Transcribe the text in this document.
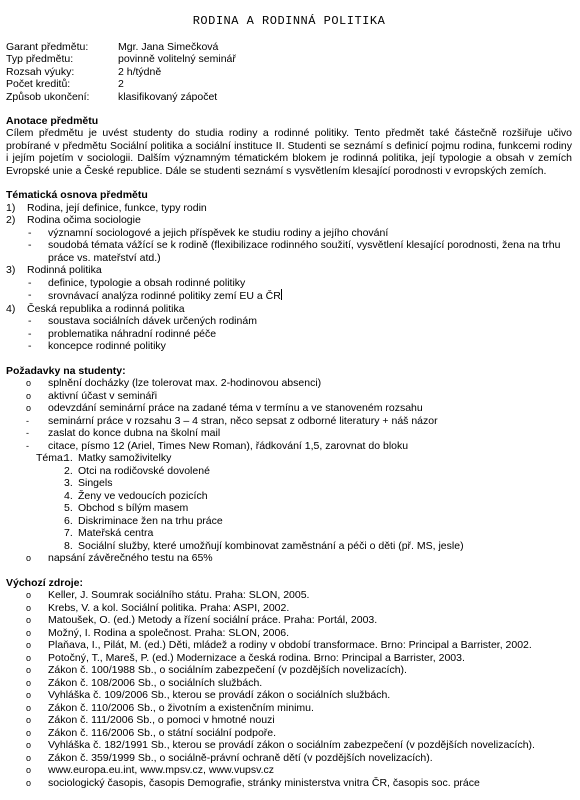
RODINA A RODINNÁ POLITIKA
Garant předmětu:	Mgr. Jana Simečková
Typ předmětu:	povinně volitelný seminář
Rozsah výuky:	2 h/týdně
Počet kreditů:	2
Způsob ukončení:	klasifikovaný zápočet
Anotace předmětu
Cílem předmětu je uvést studenty do studia rodiny a rodinné politiky. Tento předmět také částečně rozšiřuje učivo probírané v předmětu Sociální politika a sociální instituce II. Studenti se seznámí s definicí pojmu rodina, funkcemi rodiny i jejím pojetím v sociologii. Dalším významným tématickém blokem je rodinná politika, její typologie a obsah v zemích Evropské unie a České republice. Dále se studenti seznámí s vysvětlením klesající porodnosti v evropských zemích.
Tématická osnova předmětu
1)	Rodina, její definice, funkce, typy rodin
2)	Rodina očima sociologie
-	významní sociologové a jejich příspěvek ke studiu rodiny a jejího chování
-	soudobá témata vážící se k rodině (flexibilizace rodinného soužití, vysvětlení klesající porodnosti, žena na trhu práce vs. mateřství atd.)
3)	Rodinná politika
-	definice, typologie a obsah rodinné politiky
-	srovnávací analýza rodinné politiky zemí EU a ČR
4)	Česká republika a rodinná politika
-	soustava sociálních dávek určených rodinám
-	problematika náhradní rodinné péče
-	koncepce rodinné politiky
Požadavky na studenty:
o	splnění docházky (lze tolerovat max. 2-hodinovou absenci)
o	aktivní účast v semináři
o	odevzdání seminární práce na zadané téma v termínu a ve stanoveném rozsahu
-	seminární práce v rozsahu 3 – 4 stran, něco sepsat z odborné literatury + náš názor
-	zaslat do konce dubna na školní mail
-	citace, písmo 12 (Ariel, Times New Roman), řádkování 1,5, zarovnat do bloku
Téma:
1. Matky samoživitelky
2. Otci na rodičovské dovolené
3. Singels
4. Ženy ve vedoucích pozicích
5. Obchod s bílým masem
6. Diskriminace žen na trhu práce
7. Mateřská centra
8. Sociální služby, které umožňují kombinovat zaměstnání a péči o děti (př. MS, jesle)
o	napsání závěrečného testu na 65%
Výchozí zdroje:
o	Keller, J. Soumrak sociálního státu. Praha: SLON, 2005.
o	Krebs, V. a kol. Sociální politika. Praha: ASPI, 2002.
o	Matoušek, O. (ed.) Metody a řízení sociální práce. Praha: Portál, 2003.
o	Možný, I. Rodina a společnost. Praha: SLON, 2006.
o	Plaňava, I., Pilát, M. (ed.) Děti, mládež a rodiny v období transformace. Brno: Principal a Barrister, 2002.
o	Potočný, T., Mareš, P. (ed.) Modernizace a česká rodina. Brno: Principal a Barrister, 2003.
o	Zákon č. 100/1988 Sb., o sociálním zabezpečení (v pozdějších novelizacích).
o	Zákon č. 108/2006 Sb., o sociálních službách.
o	Vyhláška č. 109/2006 Sb., kterou se provádí zákon o sociálních službách.
o	Zákon č. 110/2006 Sb., o životním a existenčním minimu.
o	Zákon č. 111/2006 Sb., o pomoci v hmotné nouzi
o	Zákon č. 116/2006 Sb., o státní sociální podpoře.
o	Vyhláška č. 182/1991 Sb., kterou se provádí zákon o sociálním zabezpečení (v pozdějších novelizacích).
o	Zákon č. 359/1999 Sb., o sociálně-právní ochraně dětí (v pozdějších novelizacích).
o	www.europa.eu.int, www.mpsv.cz, www.vupsv.cz
o	sociologický časopis, časopis Demografie, stránky ministerstva vnitra ČR, časopis soc. práce
